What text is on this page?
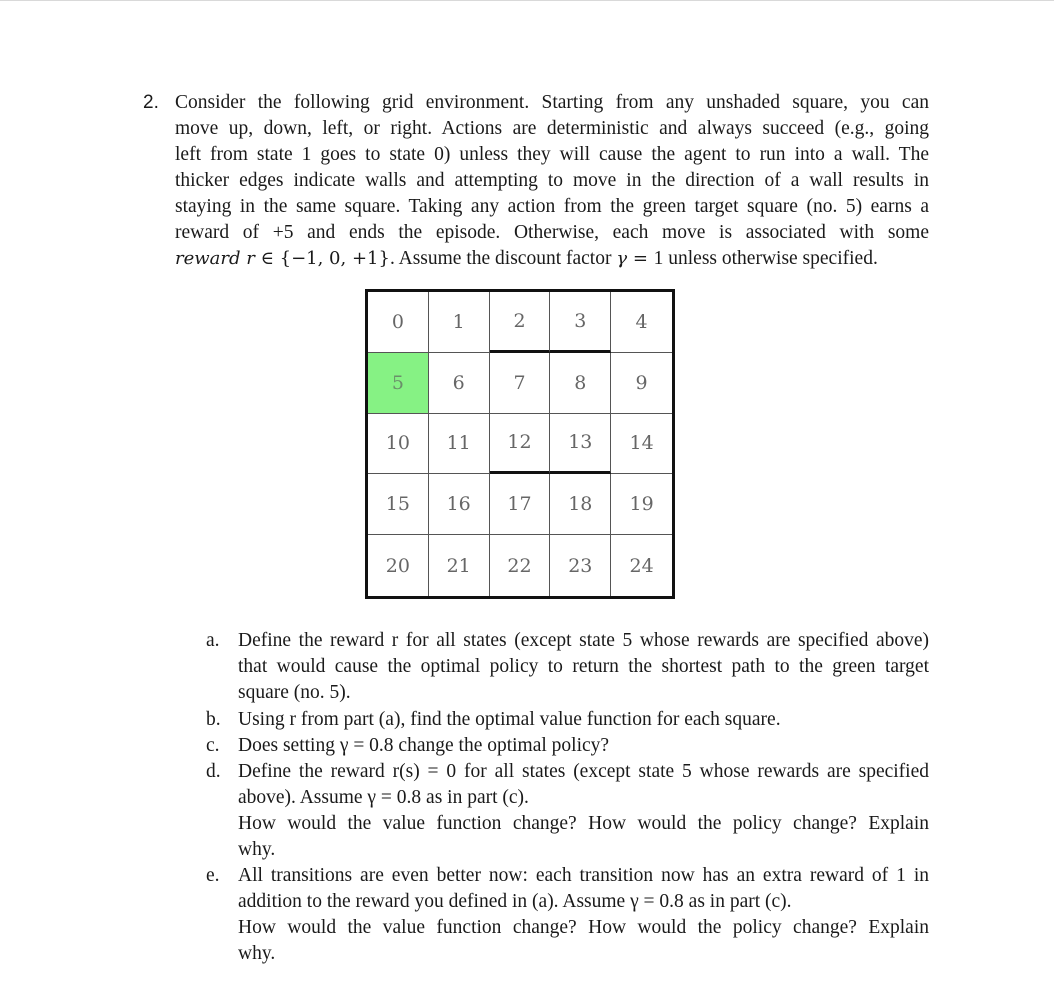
2. Consider the following grid environment. Starting from any unshaded square, you can
move up, down, left, or right. Actions are deterministic and always succeed (e.g., going
left from state 1 goes to state 0) unless they will cause the agent to run into a wall. The
thicker edges indicate walls and attempting to move in the direction of a wall results in
staying in the same square. Taking any action from the green target square (no. 5) earns a
reward of +5 and ends the episode. Otherwise, each move is associated with some
reward r ∈ {−1, 0, +1}. Assume the discount factor γ = 1 unless otherwise specified.
0	1	2	3	4
5	6	7	8	9
10	11	12	13	14
15	16	17	18	19
20	21	22	23	24
a. Define the reward r for all states (except state 5 whose rewards are specified above)
that would cause the optimal policy to return the shortest path to the green target
square (no. 5).
b. Using r from part (a), find the optimal value function for each square.
c. Does setting γ = 0.8 change the optimal policy?
d. Define the reward r(s) = 0 for all states (except state 5 whose rewards are specified
above). Assume γ = 0.8 as in part (c).
How would the value function change? How would the policy change? Explain
why.
e. All transitions are even better now: each transition now has an extra reward of 1 in
addition to the reward you defined in (a). Assume γ = 0.8 as in part (c).
How would the value function change? How would the policy change? Explain
why.
